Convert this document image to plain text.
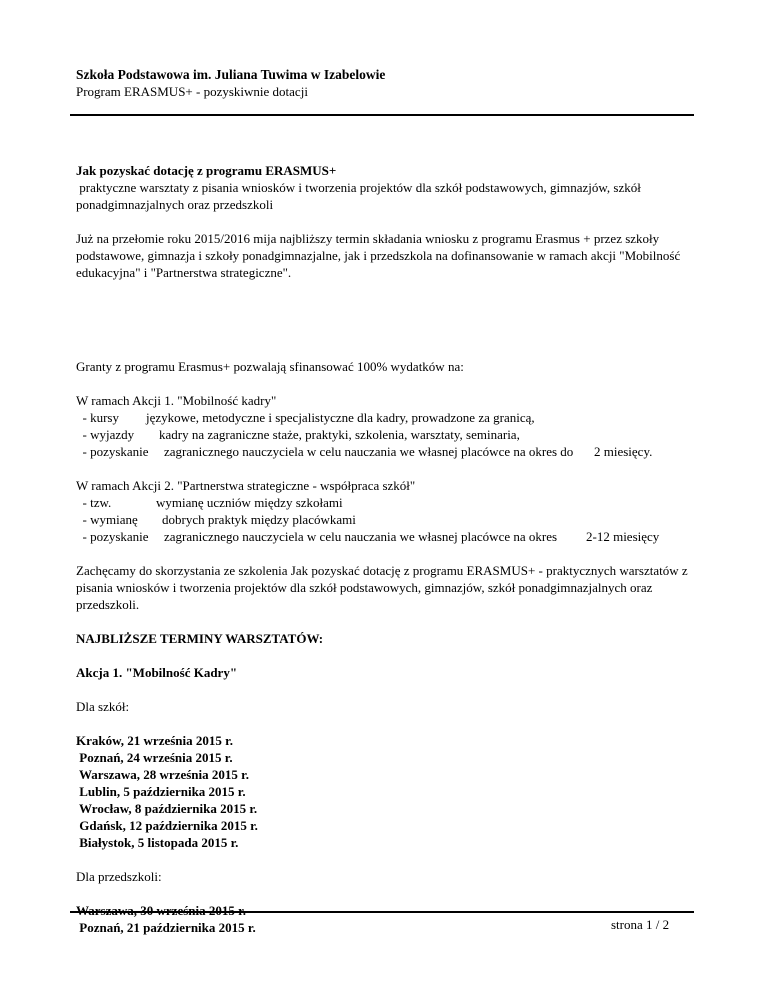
Szkoła Podstawowa im. Juliana Tuwima w Izabelowie
Program ERASMUS+ - pozyskiwnie dotacji

Jak pozyskać dotację z programu ERASMUS+

praktyczne warsztaty z pisania wniosków i tworzenia projektów dla szkół podstawowych, gimnazjów, szkół

ponadgimnazjalnych oraz przedszkoli

Już na przełomie roku 2015/2016 mija najbliższy termin składania wniosku z programu Erasmus + przez szkoły

podstawowe, gimnazja i szkoły ponadgimnazjalne, jak i przedszkola na dofinansowanie w ramach akcji "Mobilność

edukacyjna" i "Partnerstwa strategiczne".

Granty z programu Erasmus+ pozwalają sfinansować 100% wydatków na:

W ramach Akcji 1. "Mobilność kadry"

- kursy	językowe, metodyczne i specjalistyczne dla kadry, prowadzone za granicą,
- wyjazdy	kadry na zagraniczne staże, praktyki, szkolenia, warsztaty, seminaria,
- pozyskanie	zagranicznego nauczyciela w celu nauczania we własnej placówce na okres do	2 miesięcy.

W ramach Akcji 2. "Partnerstwa strategiczne - współpraca szkół"

- tzw.	wymianę uczniów między szkołami
- wymianę	dobrych praktyk między placówkami
- pozyskanie	zagranicznego nauczyciela w celu nauczania we własnej placówce na okres	2-12 miesięcy

Zachęcamy do skorzystania ze szkolenia Jak pozyskać dotację z programu ERASMUS+ - praktycznych warsztatów z

pisania wniosków i tworzenia projektów dla szkół podstawowych, gimnazjów, szkół ponadgimnazjalnych oraz

przedszkoli.

NAJBLIŻSZE TERMINY WARSZTATÓW:

Akcja 1. "Mobilność Kadry"

Dla szkół:

Kraków, 21 września 2015 r.

Poznań, 24 września 2015 r.

Warszawa, 28 września 2015 r.

Lublin, 5 października 2015 r.

Wrocław, 8 października 2015 r.

Gdańsk, 12 października 2015 r.

Białystok, 5 listopada 2015 r.

Dla przedszkoli:

Warszawa, 30 września 2015 r.

Poznań, 21 października 2015 r.	strona 1 / 2
